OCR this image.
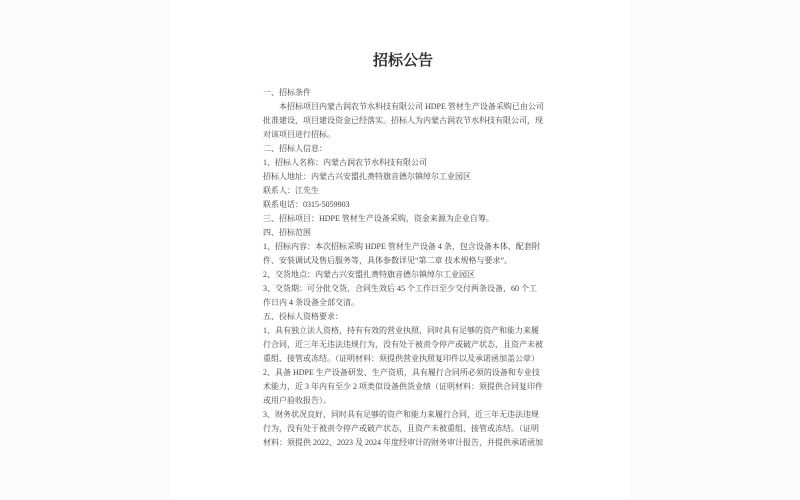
招标公告
一、招标条件
　　本招标项目内蒙古润农节水科技有限公司 HDPE 管材生产设备采购已由公司
批准建设，项目建设资金已经落实。招标人为内蒙古润农节水科技有限公司，现
对该项目进行招标。
二、招标人信息：
1、招标人名称：内蒙古润农节水科技有限公司
招标人地址：内蒙古兴安盟扎赉特旗音德尔镇绰尔工业园区
联系人：江先生
联系电话：0315-5059903
三、招标项目：HDPE 管材生产设备采购，资金来源为企业自筹。
四、招标范围
1、招标内容：本次招标采购 HDPE 管材生产设备 4 条，包含设备本体、配套附
件、安装调试及售后服务等，具体参数详见“第二章 技术规格与要求”。
2、交货地点：内蒙古兴安盟扎赉特旗音德尔镇绰尔工业园区
3、交货期：可分批交货，合同生效后 45 个工作日至少交付两条设备，60 个工
作日内 4 条设备全部交清。
五、投标人资格要求：
1、具有独立法人资格，持有有效的营业执照，同时具有足够的资产和能力来履
行合同，近三年无违法违规行为，没有处于被责令停产或破产状态，且资产未被
重组、接管或冻结。（证明材料：须提供营业执照复印件以及承诺函加盖公章）
2、具备 HDPE 生产设备研发、生产资质，具有履行合同所必须的设备和专业技
术能力，近 3 年内有至少 2 项类似设备供货业绩（证明材料：须提供合同复印件
或用户验收报告）。
3、财务状况良好，同时具有足够的资产和能力来履行合同，近三年无违法违规
行为，没有处于被责令停产或破产状态，且资产未被重组、接管或冻结。（证明
材料：须提供 2022、2023 及 2024 年度经审计的财务审计报告，并提供承诺函加
